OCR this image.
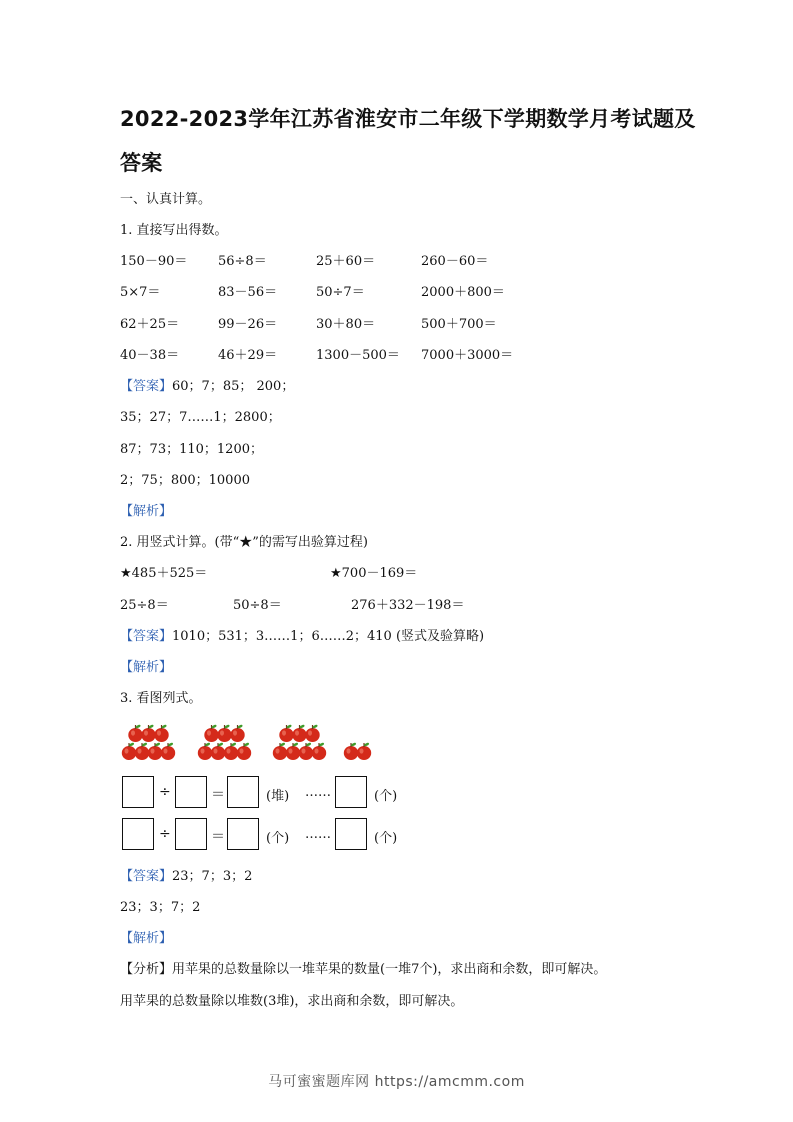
2022-2023学年江苏省淮安市二年级下学期数学月考试题及
答案
一、认真计算。
1. 直接写出得数。
150－90＝ 56÷8＝	25＋60＝	260－60＝
5×7＝	83－56＝	50÷7＝	2000＋800＝
62＋25＝	99－26＝	30＋80＝	500＋700＝
40－38＝	46＋29＝	1300－500＝ 7000＋3000＝
【答案】60；7；85； 200；
35；27；7……1；2800；
87；73；110；1200；
2；75；800；10000
【解析】
2. 用竖式计算。(带“★”的需写出验算过程)
★485＋525＝	★700－169＝
25÷8＝	50÷8＝	276＋332－198＝
【答案】1010；531；3……1；6……2；410 (竖式及验算略)
【解析】
3. 看图列式。
÷	＝	(堆) ……	(个)
÷	＝	(个) ……	(个)
【答案】23；7；3；2
23；3；7；2
【解析】
【分析】用苹果的总数量除以一堆苹果的数量(一堆7个)，求出商和余数，即可解决。
用苹果的总数量除以堆数(3堆)，求出商和余数，即可解决。
马可蜜蜜题库网 https://amcmm.com
